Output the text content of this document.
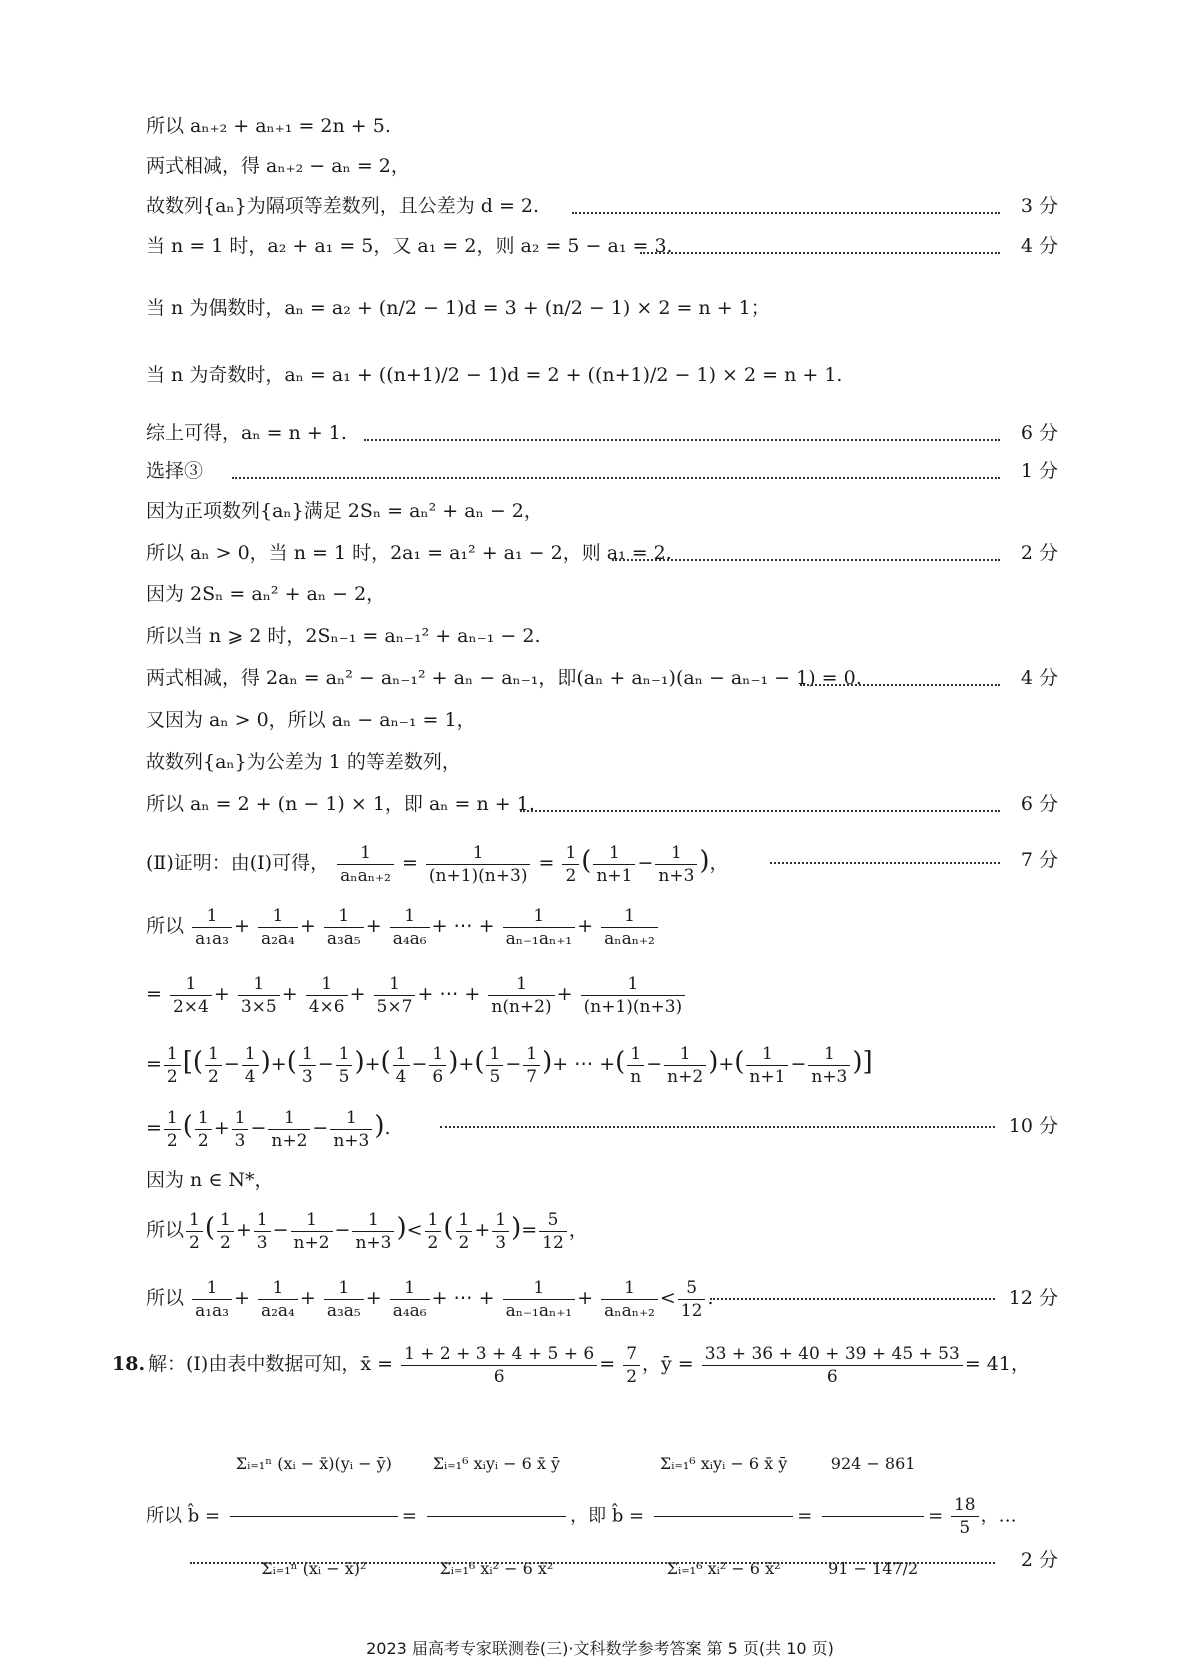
所以 aₙ₊₂ + aₙ₊₁ = 2n + 5.
两式相减，得 aₙ₊₂ − aₙ = 2，
故数列{aₙ}为隔项等差数列，且公差为 d = 2.	3 分
当 n = 1 时，a₂ + a₁ = 5，又 a₁ = 2，则 a₂ = 5 − a₁ = 3.	4 分
当 n 为偶数时，aₙ = a₂ + (n/2 − 1)d = 3 + (n/2 − 1) × 2 = n + 1；
当 n 为奇数时，aₙ = a₁ + ((n+1)/2 − 1)d = 2 + ((n+1)/2 − 1) × 2 = n + 1.
综上可得，aₙ = n + 1.	6 分
选择③	1 分
因为正项数列{aₙ}满足 2Sₙ = aₙ² + aₙ − 2，
所以 aₙ > 0，当 n = 1 时，2a₁ = a₁² + a₁ − 2，则 a₁ = 2.	2 分
因为 2Sₙ = aₙ² + aₙ − 2，
所以当 n ⩾ 2 时，2Sₙ₋₁ = aₙ₋₁² + aₙ₋₁ − 2.
两式相减，得 2aₙ = aₙ² − aₙ₋₁² + aₙ − aₙ₋₁，即(aₙ + aₙ₋₁)(aₙ − aₙ₋₁ − 1) = 0.	4 分
又因为 aₙ > 0，所以 aₙ − aₙ₋₁ = 1，
故数列{aₙ}为公差为 1 的等差数列，
所以 aₙ = 2 + (n − 1) × 1，即 aₙ = n + 1.	6 分
(Ⅱ)证明：由(Ⅰ)可得， $\frac{1}{\text{aₙaₙ₊₂}} = \frac{1}{(n+1)(n+3)} = \frac{1}{2}$ ( $\frac{1}{n+1} - \frac{1}{n+3}$ )，	7 分
所以 $\frac{1}{\text{a₁a₃}} + \frac{1}{\text{a₂a₄}} + \frac{1}{\text{a₃a₅}} + \frac{1}{\text{a₄a₆}}$ + ⋯ + $\frac{1}{\text{aₙ₋₁aₙ₊₁}} + \frac{1}{\text{aₙaₙ₊₂}}$
= $\frac{1}{2\times 4} + \frac{1}{3\times 5} + \frac{1}{4\times 6} + \frac{1}{5\times 7}$ + ⋯ + $\frac{1}{n(n+2)} + \frac{1}{(n+1)(n+3)}$
= $\frac{1}{2}$ [( $\frac{1}{2} - \frac{1}{4}$ )+( $\frac{1}{3} - \frac{1}{5}$ )+( $\frac{1}{4} - \frac{1}{6}$ )+( $\frac{1}{5} - \frac{1}{7}$ )+ ⋯ +( $\frac{1}{n} - \frac{1}{n+2}$ )+( $\frac{1}{n+1} - \frac{1}{n+3}$ )]
= $\frac{1}{2}$ ( $\frac{1}{2} + \frac{1}{3} - \frac{1}{n+2} - \frac{1}{n+3}$ ).	10 分
因为 n ∈ N*，
所以 $\frac{1}{2}$ ( $\frac{1}{2} + \frac{1}{3} - \frac{1}{n+2} - \frac{1}{n+3}$ )< $\frac{1}{2}$ ( $\frac{1}{2} + \frac{1}{3}$ )= $\frac{5}{12}$ ，
所以 $\frac{1}{\text{a₁a₃}} + \frac{1}{\text{a₂a₄}} + \frac{1}{\text{a₃a₅}} + \frac{1}{\text{a₄a₆}}$ + ⋯ + $\frac{1}{\text{aₙ₋₁aₙ₊₁}} + \frac{1}{\text{aₙaₙ₊₂}} < \frac{5}{12}$ .	12 分
18. 解：(Ⅰ)由表中数据可知，x̄ = $\frac{1 + 2 + 3 + 4 + 5 + 6}{6} = \frac{7}{2}$ ，ȳ = $\frac{33 + 36 + 40 + 39 + 45 + 53}{6} = 41$，
所以 b̂ = $\frac{\text{Σᵢ₌₁ⁿ (xᵢ − x̄)(yᵢ − ȳ)}}{\text{Σᵢ₌₁ⁿ (xᵢ − x̄)²}} = \frac{\text{Σᵢ₌₁⁶ xᵢyᵢ − 6 x̄ ȳ}}{\text{Σᵢ₌₁⁶ xᵢ² − 6 x̄²}}$ ，即 b̂ = $\frac{\text{Σᵢ₌₁⁶ xᵢyᵢ − 6 x̄ ȳ}}{\text{Σᵢ₌₁⁶ xᵢ² − 6 x̄²}} = \frac{924 - 861}{91 - 147/2} = \frac{18}{5}$ ，…
2 分
2023 届高考专家联测卷(三)·文科数学参考答案 第 5 页(共 10 页)
